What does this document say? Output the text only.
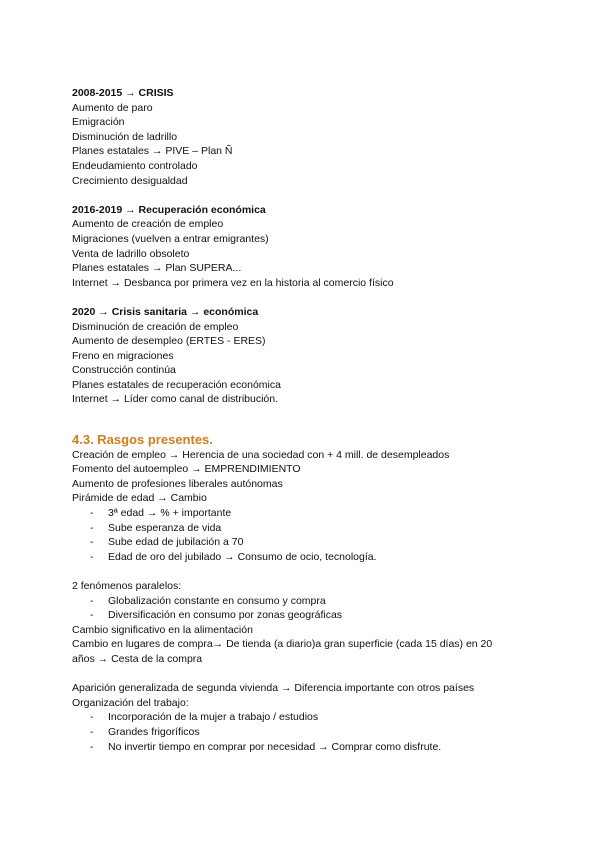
2008-2015 → CRISIS
Aumento de paro
Emigración
Disminución de ladrillo
Planes estatales → PIVE – Plan Ñ
Endeudamiento controlado
Crecimiento desigualdad
2016-2019 → Recuperación económica
Aumento de creación de empleo
Migraciones (vuelven a entrar emigrantes)
Venta de ladrillo obsoleto
Planes estatales → Plan SUPERA...
Internet → Desbanca por primera vez en la historia al comercio físico
2020 → Crisis sanitaria → económica
Disminución de creación de empleo
Aumento de desempleo (ERTES - ERES)
Freno en migraciones
Construcción continúa
Planes estatales de recuperación económica
Internet → Líder como canal de distribución.
4.3. Rasgos presentes.
Creación de empleo → Herencia de una sociedad con + 4 mill. de desempleados
Fomento del autoempleo → EMPRENDIMIENTO
Aumento de profesiones liberales autónomas
Pirámide de edad → Cambio
- 3ª edad → % + importante
- Sube esperanza de vida
- Sube edad de jubilación a 70
- Edad de oro del jubilado → Consumo de ocio, tecnología.
2 fenómenos paralelos:
- Globalización constante en consumo y compra
- Diversificación en consumo por zonas geográficas
Cambio significativo en la alimentación
Cambio en lugares de compra→ De tienda (a diario)a gran superficie (cada 15 días) en 20
años → Cesta de la compra
Aparición generalizada de segunda vivienda → Diferencia importante con otros países
Organización del trabajo:
- Incorporación de la mujer a trabajo / estudios
- Grandes frigoríficos
- No invertir tiempo en comprar por necesidad → Comprar como disfrute.
